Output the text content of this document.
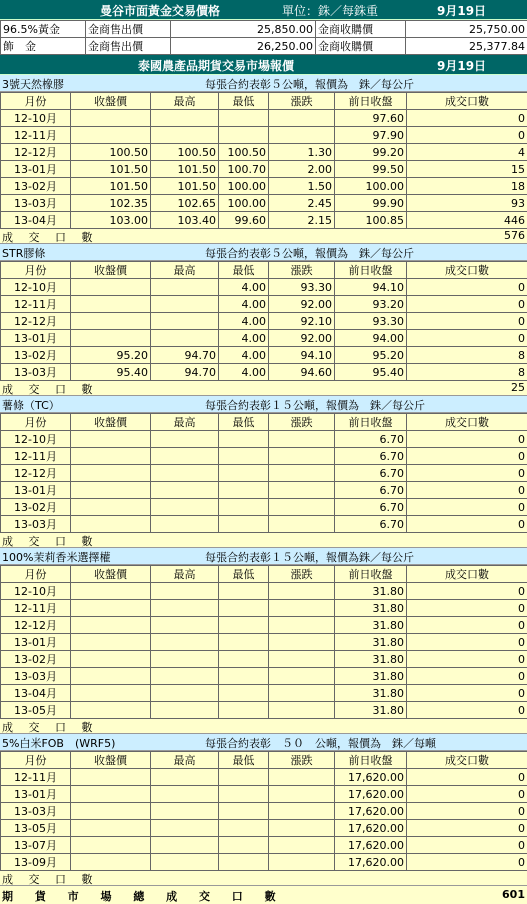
曼谷市面黃金交易價格	單位：銖／每銖重	9月19日
96.5%黃金	金商售出價	25,850.00	金商收購價	25,750.00
飾　金	金商售出價	26,250.00	金商收購價	25,377.84
泰國農產品期貨交易市場報價	9月19日
3號天然橡膠	每張合約表彰５公噸，報價為　銖／每公斤
月份	收盤價	最高	最低	漲跌	前日收盤	成交口數
12-10月					97.60	0
12-11月					97.90	0
12-12月	100.50	100.50	100.50	1.30	99.20	4
13-01月	101.50	101.50	100.70	2.00	99.50	15
13-02月	101.50	101.50	100.00	1.50	100.00	18
13-03月	102.35	102.65	100.00	2.45	99.90	93
13-04月	103.00	103.40	99.60	2.15	100.85	446
成 交 口 數	576
STR膠條	每張合約表彰５公噸，報價為　銖／每公斤
月份	收盤價	最高	最低	漲跌	前日收盤	成交口數
12-10月			4.00	93.30	94.10	0
12-11月			4.00	92.00	93.20	0
12-12月			4.00	92.10	93.30	0
13-01月			4.00	92.00	94.00	0
13-02月	95.20	94.70	4.00	94.10	95.20	8
13-03月	95.40	94.70	4.00	94.60	95.40	8
成 交 口 數	25
薯條（TC）	每張合約表彰１５公噸，報價為　銖／每公斤
月份	收盤價	最高	最低	漲跌	前日收盤	成交口數
12-10月					6.70	0
12-11月					6.70	0
12-12月					6.70	0
13-01月					6.70	0
13-02月					6.70	0
13-03月					6.70	0
成 交 口 數
100%茉莉香米選擇權	每張合約表彰１５公噸，報價為銖／每公斤
月份	收盤價	最高	最低	漲跌	前日收盤	成交口數
12-10月					31.80	0
12-11月					31.80	0
12-12月					31.80	0
13-01月					31.80	0
13-02月					31.80	0
13-03月					31.80	0
13-04月					31.80	0
13-05月					31.80	0
成 交 口 數
5%白米FOB　(WRF5)	每張合約表彰　５０　公噸，報價為　銖／每噸
月份	收盤價	最高	最低	漲跌	前日收盤	成交口數
12-11月					17,620.00	0
13-01月					17,620.00	0
13-03月					17,620.00	0
13-05月					17,620.00	0
13-07月					17,620.00	0
13-09月					17,620.00	0
成 交 口 數
期 貨 市 場 總 成 交 口 數	601
